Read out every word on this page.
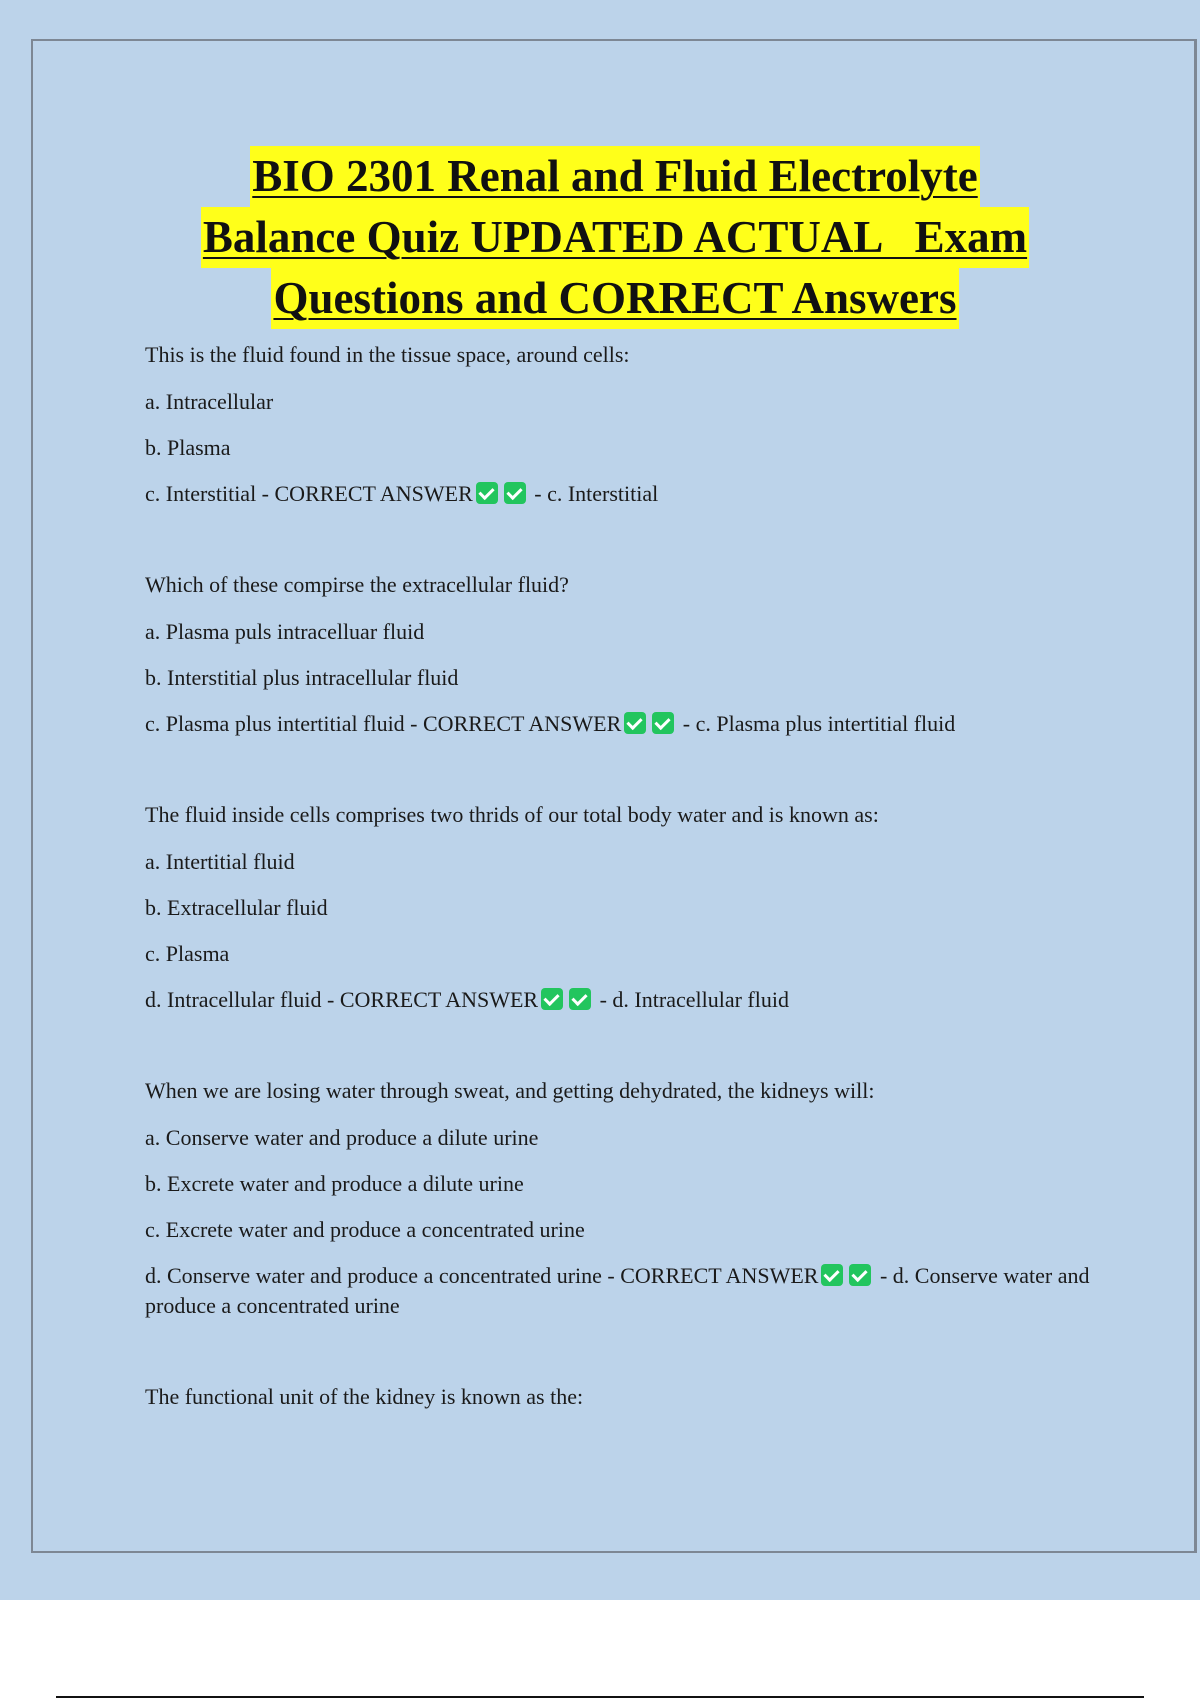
BIO 2301 Renal and Fluid Electrolyte
Balance Quiz UPDATED ACTUAL   Exam
Questions and CORRECT Answers
This is the fluid found in the tissue space, around cells:
a. Intracellular
b. Plasma
c. Interstitial - CORRECT ANSWER	- c. Interstitial
Which of these compirse the extracellular fluid?
a. Plasma puls intracelluar fluid
b. Interstitial plus intracellular fluid
c. Plasma plus intertitial fluid - CORRECT ANSWER	- c. Plasma plus intertitial fluid
The fluid inside cells comprises two thrids of our total body water and is known as:
a. Intertitial fluid
b. Extracellular fluid
c. Plasma
d. Intracellular fluid - CORRECT ANSWER	- d. Intracellular fluid
When we are losing water through sweat, and getting dehydrated, the kidneys will:
a. Conserve water and produce a dilute urine
b. Excrete water and produce a dilute urine
c. Excrete water and produce a concentrated urine
d. Conserve water and produce a concentrated urine - CORRECT ANSWER	- d. Conserve water and produce a concentrated urine
The functional unit of the kidney is known as the:
